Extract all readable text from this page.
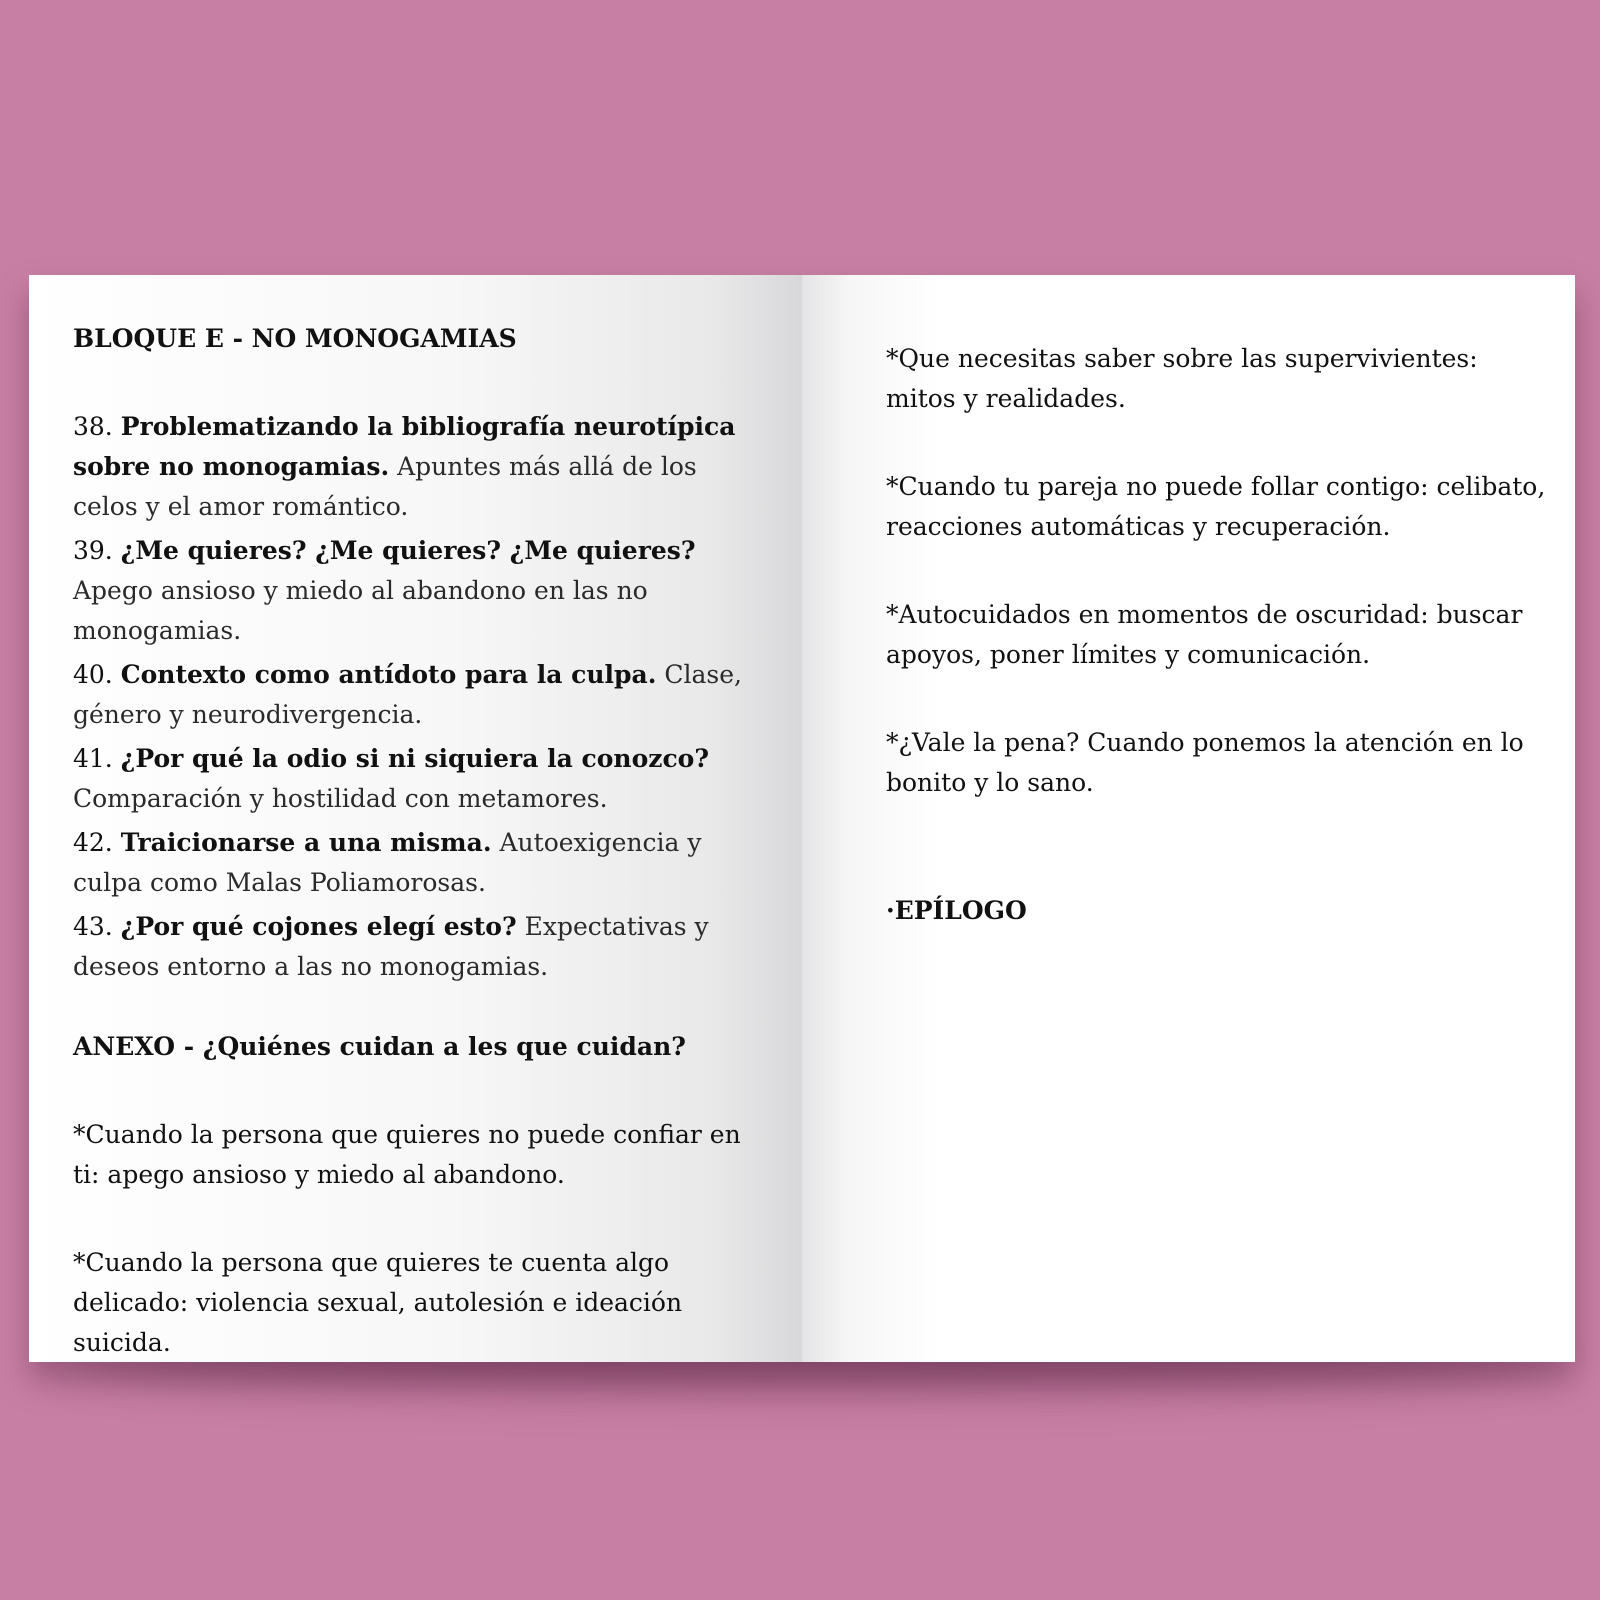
BLOQUE E - NO MONOGAMIAS

38. Problematizando la bibliografía neurotípica sobre no monogamias. Apuntes más allá de los celos y el amor romántico.
39. ¿Me quieres? ¿Me quieres? ¿Me quieres? Apego ansioso y miedo al abandono en las no monogamias.
40. Contexto como antídoto para la culpa. Clase, género y neurodivergencia.
41. ¿Por qué la odio si ni siquiera la conozco? Comparación y hostilidad con metamores.
42. Traicionarse a una misma. Autoexigencia y culpa como Malas Poliamorosas.
43. ¿Por qué cojones elegí esto? Expectativas y deseos entorno a las no monogamias.

ANEXO - ¿Quiénes cuidan a les que cuidan?

*Cuando la persona que quieres no puede confiar en ti: apego ansioso y miedo al abandono.

*Cuando la persona que quieres te cuenta algo delicado: violencia sexual, autolesión e ideación suicida.

*Que necesitas saber sobre las supervivientes: mitos y realidades.

*Cuando tu pareja no puede follar contigo: celibato, reacciones automáticas y recuperación.

*Autocuidados en momentos de oscuridad: buscar apoyos, poner límites y comunicación.

*¿Vale la pena? Cuando ponemos la atención en lo bonito y lo sano.

·EPÍLOGO
